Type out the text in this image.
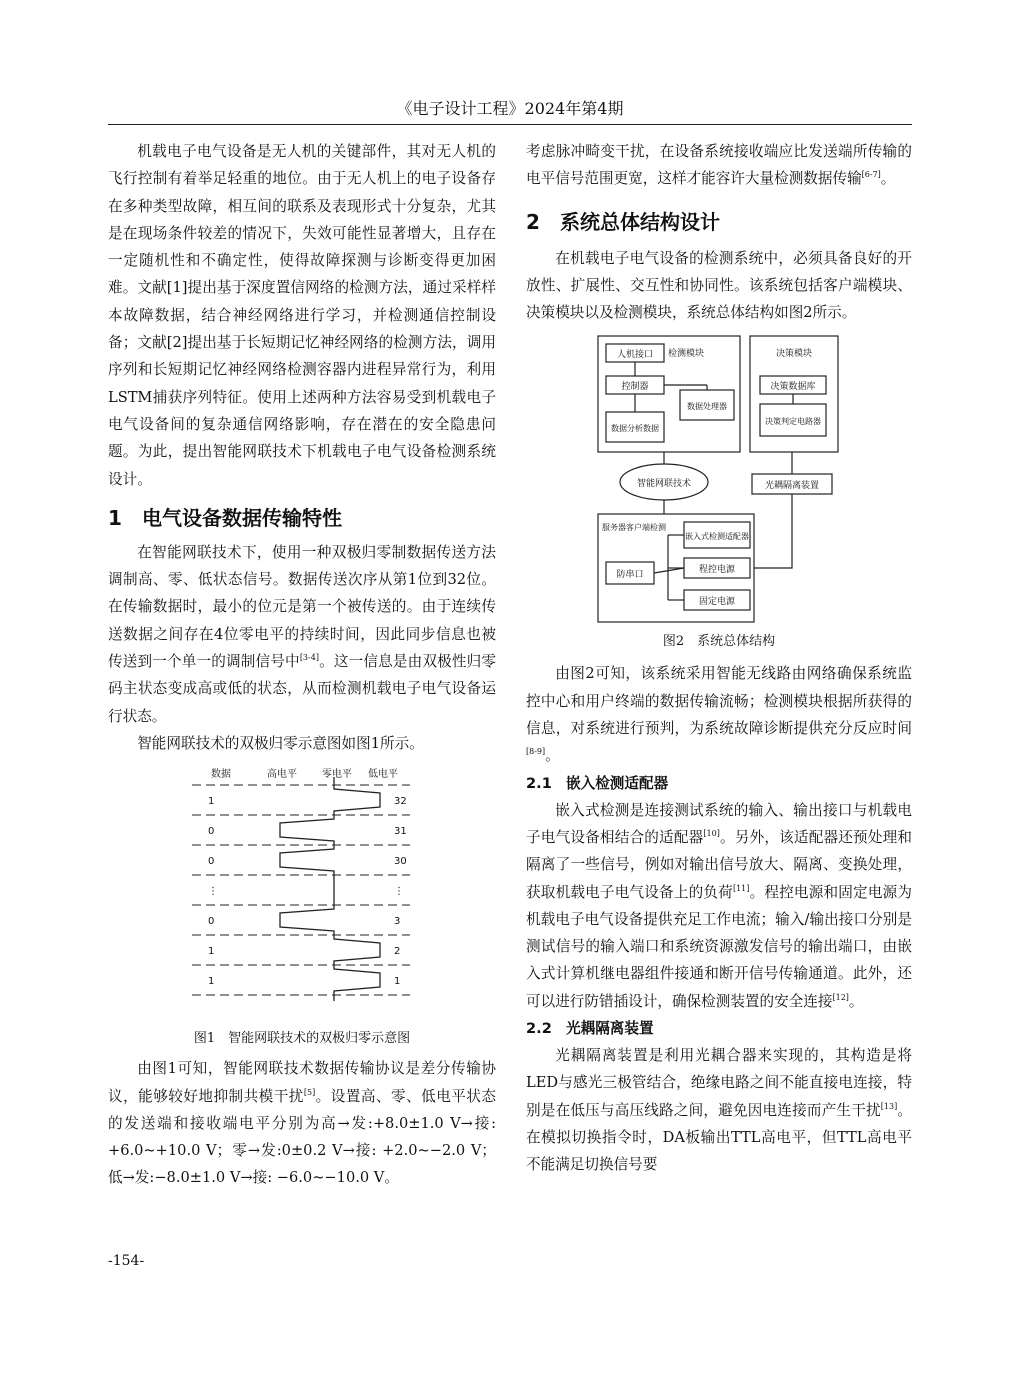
《电子设计工程》2024年第4期

机载电子电气设备是无人机的关键部件，其对无人机的飞行控制有着举足轻重的地位。由于无人机上的电子设备存在多种类型故障，相互间的联系及表现形式十分复杂，尤其是在现场条件较差的情况下，失效可能性显著增大，且存在一定随机性和不确定性，使得故障探测与诊断变得更加困难。文献[1]提出基于深度置信网络的检测方法，通过采样样本故障数据，结合神经网络进行学习，并检测通信控制设备；文献[2]提出基于长短期记忆神经网络的检测方法，调用序列和长短期记忆神经网络检测容器内进程异常行为，利用LSTM捕获序列特征。使用上述两种方法容易受到机载电子电气设备间的复杂通信网络影响，存在潜在的安全隐患问题。为此，提出智能网联技术下机载电子电气设备检测系统设计。

1 电气设备数据传输特性

在智能网联技术下，使用一种双极归零制数据传送方法调制高、零、低状态信号。数据传送次序从第1位到32位。在传输数据时，最小的位元是第一个被传送的。由于连续传送数据之间存在4位零电平的持续时间，因此同步信息也被传送到一个单一的调制信号中[3-4]。这一信息是由双极性归零码主状态变成高或低的状态，从而检测机载电子电气设备运行状态。

智能网联技术的双极归零示意图如图1所示。

数据	高电平	零电平 低电平
1	32
0	31
0	30
⋮	⋮
0	3
1	2
1	1
图1　智能网联技术的双极归零示意图

由图1可知，智能网联技术数据传输协议是差分传输协议，能够较好地抑制共模干扰[5]。设置高、零、低电平状态的发送端和接收端电平分别为高→发:+8.0±1.0 V→接: +6.0~+10.0 V；零→发:0±0.2 V→接: +2.0~−2.0 V；低→发:−8.0±1.0 V→接: −6.0~−10.0 V。

考虑脉冲畸变干扰，在设备系统接收端应比发送端所传输的电平信号范围更宽，这样才能容许大量检测数据传输[6-7]。

2 系统总体结构设计

在机载电子电气设备的检测系统中，必须具备良好的开放性、扩展性、交互性和协同性。该系统包括客户端模块、决策模块以及检测模块，系统总体结构如图2所示。

检测模块
人机接口
控制器
数据处理器
数据分析数据
决策模块
决策数据库
决策判定电路器
智能网联技术	光耦隔离装置
服务器客户端检测
嵌入式检测适配器
防串口	程控电源
固定电源
图2　系统总体结构

由图2可知，该系统采用智能无线路由网络确保系统监控中心和用户终端的数据传输流畅；检测模块根据所获得的信息，对系统进行预判，为系统故障诊断提供充分反应时间[8-9]。

2.1 嵌入检测适配器

嵌入式检测是连接测试系统的输入、输出接口与机载电子电气设备相结合的适配器[10]。另外，该适配器还预处理和隔离了一些信号，例如对输出信号放大、隔离、变换处理，获取机载电子电气设备上的负荷[11]。程控电源和固定电源为机载电子电气设备提供充足工作电流；输入/输出接口分别是测试信号的输入端口和系统资源激发信号的输出端口，由嵌入式计算机继电器组件接通和断开信号传输通道。此外，还可以进行防错插设计，确保检测装置的安全连接[12]。

2.2 光耦隔离装置

光耦隔离装置是利用光耦合器来实现的，其构造是将LED与感光三极管结合，绝缘电路之间不能直接电连接，特别是在低压与高压线路之间，避免因电连接而产生干扰[13]。在模拟切换指令时，DA板输出TTL高电平，但TTL高电平不能满足切换信号要

-154-
